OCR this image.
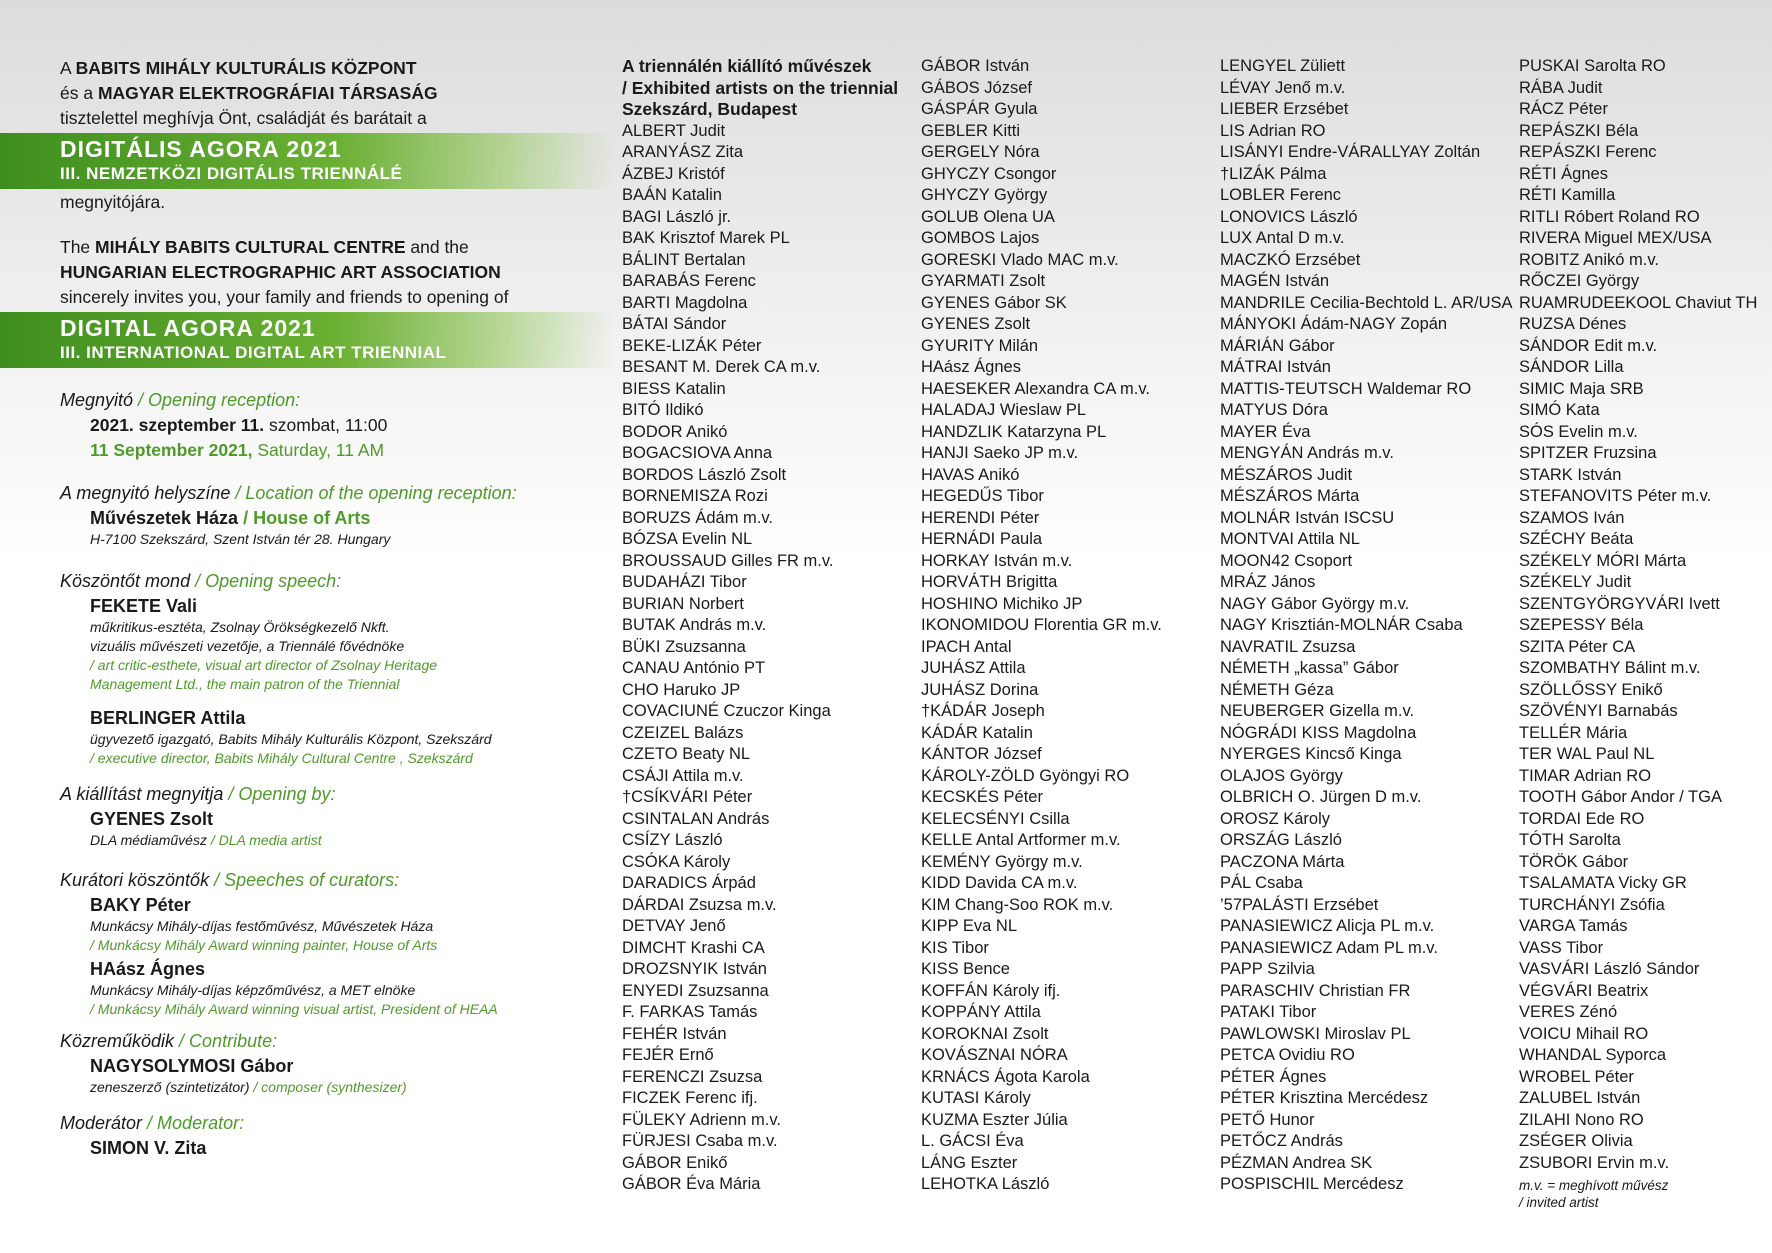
A BABITS MIHÁLY KULTURÁLIS KÖZPONT
és a MAGYAR ELEKTROGRÁFIAI TÁRSASÁG
tisztelettel meghívja Önt, családját és barátait a
DIGITÁLIS AGORA 2021
III. NEMZETKÖZI DIGITÁLIS TRIENNÁLÉ
megnyitójára.
The MIHÁLY BABITS CULTURAL CENTRE and the
HUNGARIAN ELECTROGRAPHIC ART ASSOCIATION
sincerely invites you, your family and friends to opening of
DIGITAL AGORA 2021
III. INTERNATIONAL DIGITAL ART TRIENNIAL
Megnyitó / Opening reception:
2021. szeptember 11. szombat, 11:00
11 September 2021, Saturday, 11 AM
A megnyitó helyszíne / Location of the opening reception:
Művészetek Háza / House of Arts
H-7100 Szekszárd, Szent István tér 28. Hungary
Köszöntőt mond / Opening speech:
FEKETE Vali
műkritikus-esztéta, Zsolnay Örökségkezelő Nkft.
vizuális művészeti vezetője, a Triennálé fővédnöke
/ art critic-esthete, visual art director of Zsolnay Heritage
Management Ltd., the main patron of the Triennial
BERLINGER Attila
ügyvezető igazgató, Babits Mihály Kulturális Központ, Szekszárd
/ executive director, Babits Mihály Cultural Centre , Szekszárd
A kiállítást megnyitja / Opening by:
GYENES Zsolt
DLA médiaművész / DLA media artist
Kurátori köszöntők / Speeches of curators:
BAKY Péter
Munkácsy Mihály-díjas festőművész, Művészetek Háza
/ Munkácsy Mihály Award winning painter, House of Arts
HAász Ágnes
Munkácsy Mihály-díjas képzőművész, a MET elnöke
/ Munkácsy Mihály Award winning visual artist, President of HEAA
Közreműködik / Contribute:
NAGYSOLYMOSI Gábor
zeneszerző (szintetizátor) / composer (synthesizer)
Moderátor / Moderator:
SIMON V. Zita
A triennálén kiállító művészek
/ Exhibited artists on the triennial
Szekszárd, Budapest
ALBERT Judit
ARANYÁSZ Zita
ÁZBEJ Kristóf
BAÁN Katalin
BAGI László jr.
BAK Krisztof Marek PL
BÁLINT Bertalan
BARABÁS Ferenc
BARTI Magdolna
BÁTAI Sándor
BEKE-LIZÁK Péter
BESANT M. Derek CA m.v.
BIESS Katalin
BITÓ Ildikó
BODOR Anikó
BOGACSIOVA Anna
BORDOS László Zsolt
BORNEMISZA Rozi
BORUZS Ádám m.v.
BÓZSA Evelin NL
BROUSSAUD Gilles FR m.v.
BUDAHÁZI Tibor
BURIAN Norbert
BUTAK András m.v.
BÜKI Zsuzsanna
CANAU António PT
CHO Haruko JP
COVACIUNÉ Czuczor Kinga
CZEIZEL Balázs
CZETO Beaty NL
CSÁJI Attila m.v.
†CSÍKVÁRI Péter
CSINTALAN András
CSÍZY László
CSÓKA Károly
DARADICS Árpád
DÁRDAI Zsuzsa m.v.
DETVAY Jenő
DIMCHT Krashi CA
DROZSNYIK István
ENYEDI Zsuzsanna
F. FARKAS Tamás
FEHÉR István
FEJÉR Ernő
FERENCZI Zsuzsa
FICZEK Ferenc ifj.
FÜLEKY Adrienn m.v.
FÜRJESI Csaba m.v.
GÁBOR Enikő
GÁBOR Éva Mária
GÁBOR István
GÁBOS József
GÁSPÁR Gyula
GEBLER Kitti
GERGELY Nóra
GHYCZY Csongor
GHYCZY György
GOLUB Olena UA
GOMBOS Lajos
GORESKI Vlado MAC m.v.
GYARMATI Zsolt
GYENES Gábor SK
GYENES Zsolt
GYURITY Milán
HAász Ágnes
HAESEKER Alexandra CA m.v.
HALADAJ Wieslaw PL
HANDZLIK Katarzyna PL
HANJI Saeko JP m.v.
HAVAS Anikó
HEGEDŰS Tibor
HERENDI Péter
HERNÁDI Paula
HORKAY István m.v.
HORVÁTH Brigitta
HOSHINO Michiko JP
IKONOMIDOU Florentia GR m.v.
IPACH Antal
JUHÁSZ Attila
JUHÁSZ Dorina
†KÁDÁR Joseph
KÁDÁR Katalin
KÁNTOR József
KÁROLY-ZÖLD Gyöngyi RO
KECSKÉS Péter
KELECSÉNYI Csilla
KELLE Antal Artformer m.v.
KEMÉNY György m.v.
KIDD Davida CA m.v.
KIM Chang-Soo ROK m.v.
KIPP Eva NL
KIS Tibor
KISS Bence
KOFFÁN Károly ifj.
KOPPÁNY Attila
KOROKNAI Zsolt
KOVÁSZNAI NÓRA
KRNÁCS Ágota Karola
KUTASI Károly
KUZMA Eszter Júlia
L. GÁCSI Éva
LÁNG Eszter
LEHOTKA László
LENGYEL Züliett
LÉVAY Jenő m.v.
LIEBER Erzsébet
LIS Adrian RO
LISÁNYI Endre-VÁRALLYAY Zoltán
†LIZÁK Pálma
LOBLER Ferenc
LONOVICS László
LUX Antal D m.v.
MACZKÓ Erzsébet
MAGÉN István
MANDRILE Cecilia-Bechtold L. AR/USA
MÁNYOKI Ádám-NAGY Zopán
MÁRIÁN Gábor
MÁTRAI István
MATTIS-TEUTSCH Waldemar RO
MATYUS Dóra
MAYER Éva
MENGYÁN András m.v.
MÉSZÁROS Judit
MÉSZÁROS Márta
MOLNÁR István ISCSU
MONTVAI Attila NL
MOON42 Csoport
MRÁZ János
NAGY Gábor György m.v.
NAGY Krisztián-MOLNÁR Csaba
NAVRATIL Zsuzsa
NÉMETH „kassa” Gábor
NÉMETH Géza
NEUBERGER Gizella m.v.
NÓGRÁDI KISS Magdolna
NYERGES Kincső Kinga
OLAJOS György
OLBRICH O. Jürgen D m.v.
OROSZ Károly
ORSZÁG László
PACZONA Márta
PÁL Csaba
’57PALÁSTI Erzsébet
PANASIEWICZ Alicja PL m.v.
PANASIEWICZ Adam PL m.v.
PAPP Szilvia
PARASCHIV Christian FR
PATAKI Tibor
PAWLOWSKI Miroslav PL
PETCA Ovidiu RO
PÉTER Ágnes
PÉTER Krisztina Mercédesz
PETŐ Hunor
PETŐCZ András
PÉZMAN Andrea SK
POSPISCHIL Mercédesz
PUSKAI Sarolta RO
RÁBA Judit
RÁCZ Péter
REPÁSZKI Béla
REPÁSZKI Ferenc
RÉTI Ágnes
RÉTI Kamilla
RITLI Róbert Roland RO
RIVERA Miguel MEX/USA
ROBITZ Anikó m.v.
RŐCZEI György
RUAMRUDEEKOOL Chaviut TH
RUZSA Dénes
SÁNDOR Edit m.v.
SÁNDOR Lilla
SIMIC Maja SRB
SIMÓ Kata
SÓS Evelin m.v.
SPITZER Fruzsina
STARK István
STEFANOVITS Péter m.v.
SZAMOS Iván
SZÉCHY Beáta
SZÉKELY MÓRI Márta
SZÉKELY Judit
SZENTGYÖRGYVÁRI Ivett
SZEPESSY Béla
SZITA Péter CA
SZOMBATHY Bálint m.v.
SZÖLLŐSSY Enikő
SZÖVÉNYI Barnabás
TELLÉR Mária
TER WAL Paul NL
TIMAR Adrian RO
TOOTH Gábor Andor / TGA
TORDAI Ede RO
TÓTH Sarolta
TÖRÖK Gábor
TSALAMATA Vicky GR
TURCHÁNYI Zsófia
VARGA Tamás
VASS Tibor
VASVÁRI László Sándor
VÉGVÁRI Beatrix
VERES Zénó
VOICU Mihail RO
WHANDAL Syporca
WROBEL Péter
ZALUBEL István
ZILAHI Nono RO
ZSÉGER Olivia
ZSUBORI Ervin m.v.
m.v. = meghívott művész
/ invited artist
